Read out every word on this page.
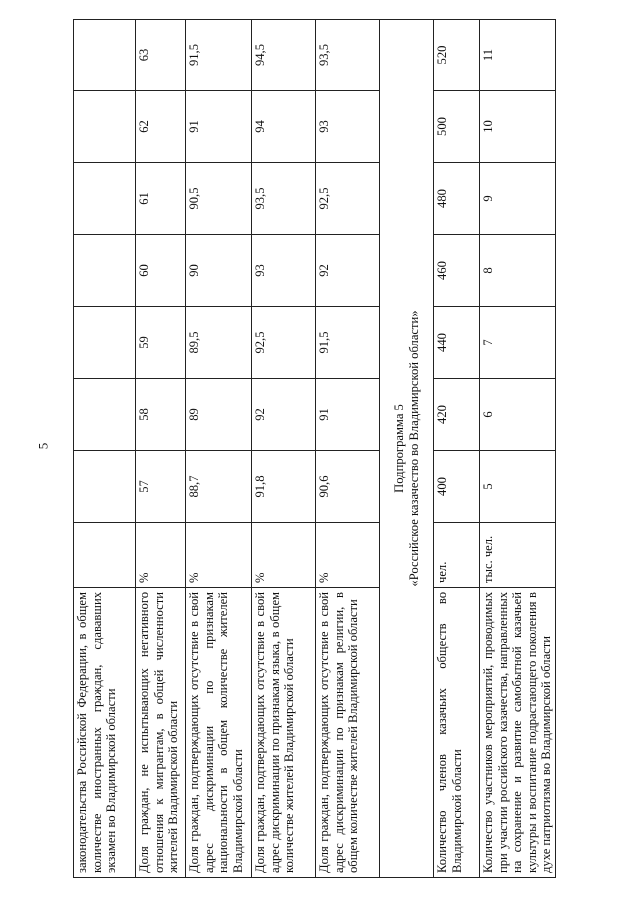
5
законодательства Российской Федерации, в общем количестве иностранных граждан, сдававших экзамен во Владимирской области								
Доля граждан, не испытывающих негативного отношения к мигрантам, в общей численности жителей Владимирской области	%	57	58	59	60	61	62	63
Доля граждан, подтверждающих отсутствие в свой адрес дискриминации по признакам национальности в общем количестве жителей Владимирской области	%	88,7	89	89,5	90	90,5	91	91,5
Доля граждан, подтверждающих отсутствие в свой адрес дискриминации по признакам языка, в общем количестве жителей Владимирской области	%	91,8	92	92,5	93	93,5	94	94,5
Доля граждан, подтверждающих отсутствие в свой адрес дискриминации по признакам религии, в общем количестве жителей Владимирской области	%	90,6	91	91,5	92	92,5	93	93,5

Подпрограмма 5 «Российское казачество во Владимирской области»								

Количество членов казачьих обществ во Владимирской области	чел.	400	420	440	460	480	500	520
Количество участников мероприятий, проводимых при участии российского казачества, направленных на сохранение и развитие самобытной казачьей культуры и воспитание подрастающего поколения в духе патриотизма во Владимирской области	тыс. чел.	5	6	7	8	9	10	11
